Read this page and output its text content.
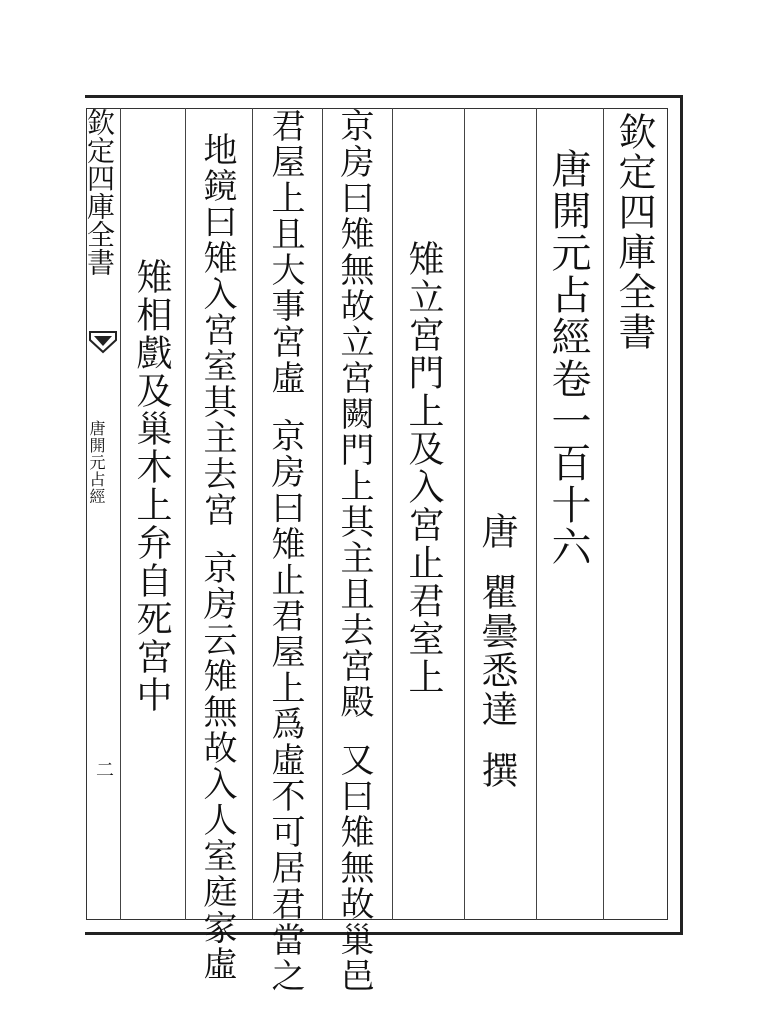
欽定四庫全書
唐開元占經
二
欽定四庫全書
唐開元占經卷一百十六
唐瞿曇悉達撰
雉立宮門上及入宮止君室上
京房曰雉無故立宮闕門上其主且去宮殿又曰雉無故巢邑
君屋上且大事宮虛京房曰雉止君屋上爲虛不可居君當之
地鏡曰雉入宮室其主去宮京房云雉無故入人室庭家虛
雉相戲及巢木上弁自死宮中
